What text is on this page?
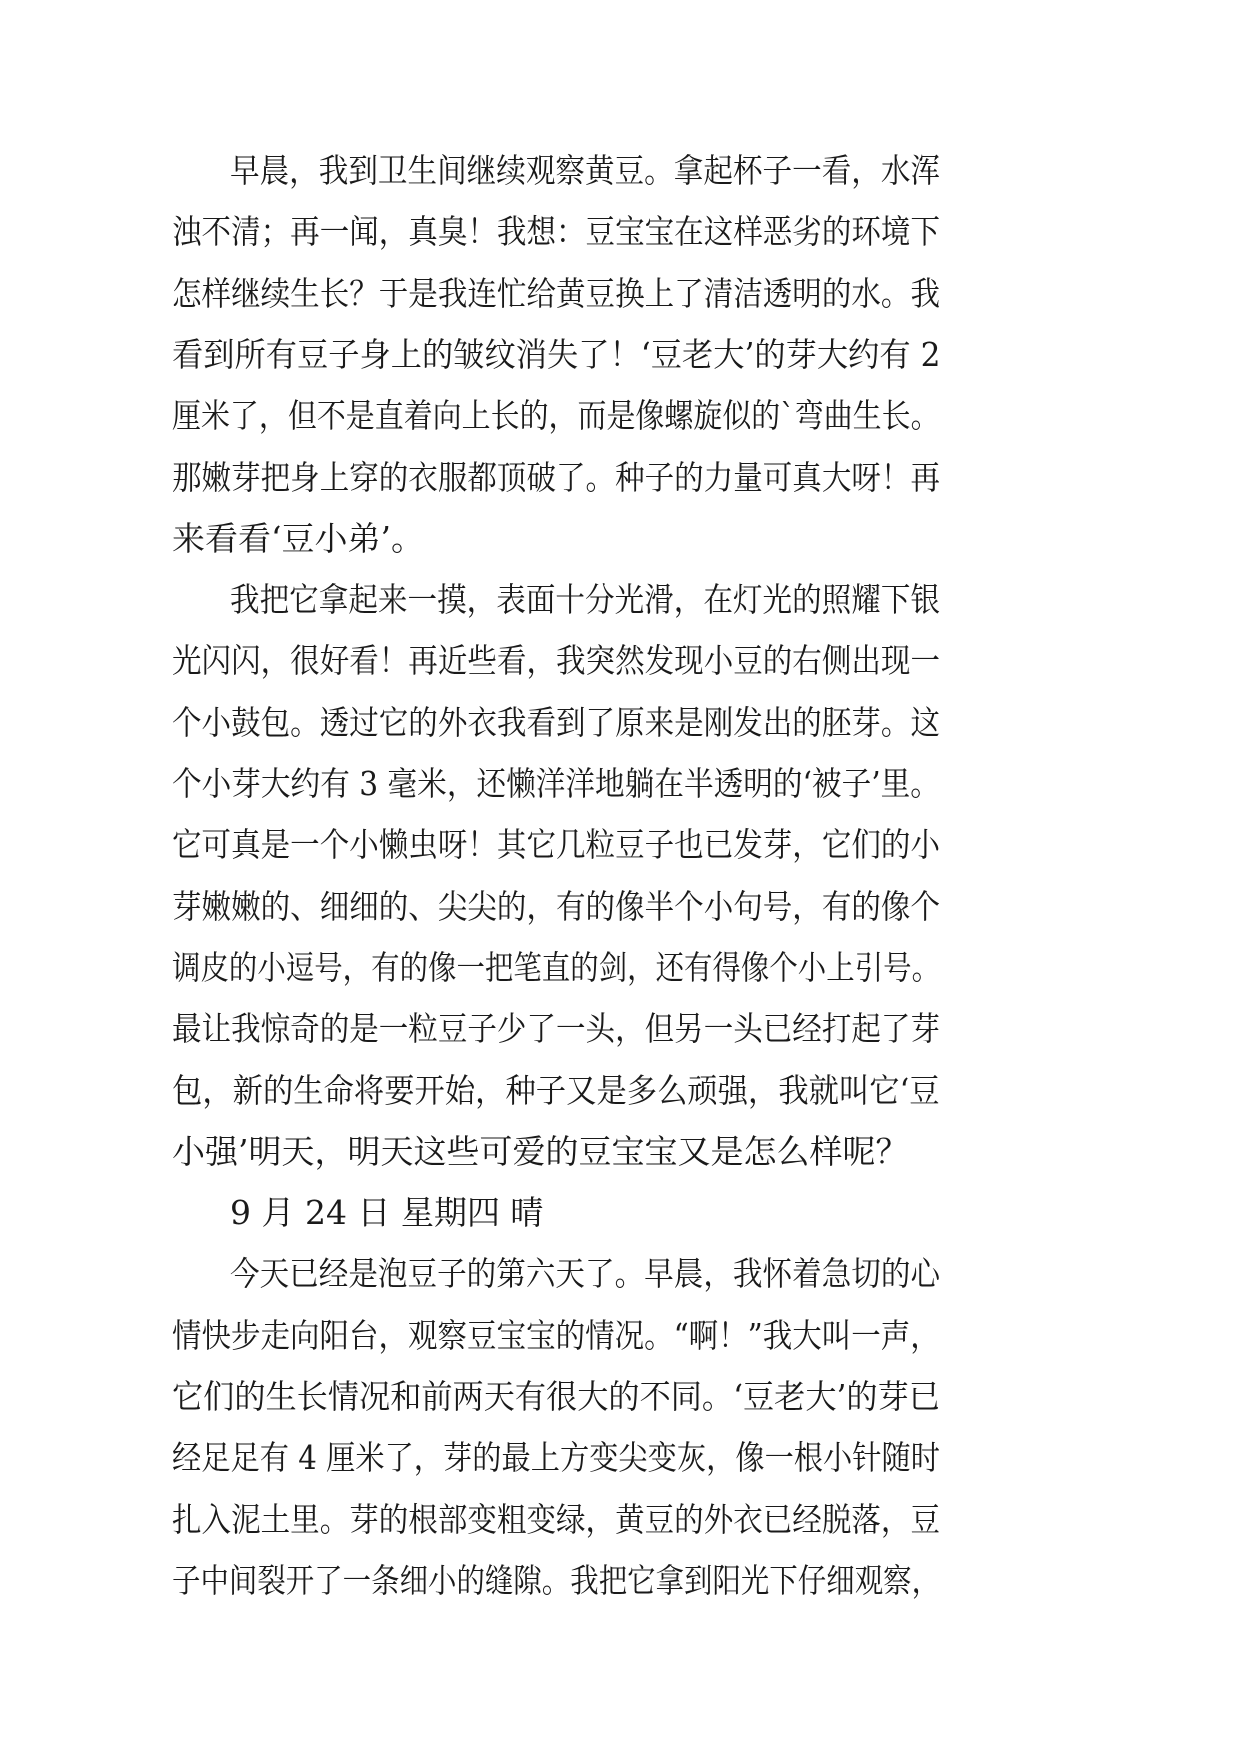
早晨，我到卫生间继续观察黄豆。拿起杯子一看，水浑
浊不清；再一闻，真臭！我想：豆宝宝在这样恶劣的环境下
怎样继续生长？于是我连忙给黄豆换上了清洁透明的水。我
看到所有豆子身上的皱纹消失了！‘豆老大’的芽大约有 2
厘米了，但不是直着向上长的，而是像螺旋似的`弯曲生长。
那嫩芽把身上穿的衣服都顶破了。种子的力量可真大呀！再
来看看‘豆小弟’。
我把它拿起来一摸，表面十分光滑，在灯光的照耀下银
光闪闪，很好看！再近些看，我突然发现小豆的右侧出现一
个小鼓包。透过它的外衣我看到了原来是刚发出的胚芽。这
个小芽大约有 3 毫米，还懒洋洋地躺在半透明的‘被子’里。
它可真是一个小懒虫呀！其它几粒豆子也已发芽，它们的小
芽嫩嫩的、细细的、尖尖的，有的像半个小句号，有的像个
调皮的小逗号，有的像一把笔直的剑，还有得像个小上引号。
最让我惊奇的是一粒豆子少了一头，但另一头已经打起了芽
包，新的生命将要开始，种子又是多么顽强，我就叫它‘豆
小强’明天，明天这些可爱的豆宝宝又是怎么样呢？
9 月 24 日 星期四 晴
今天已经是泡豆子的第六天了。早晨，我怀着急切的心
情快步走向阳台，观察豆宝宝的情况。“啊！”我大叫一声，
它们的生长情况和前两天有很大的不同。‘豆老大’的芽已
经足足有 4 厘米了，芽的最上方变尖变灰，像一根小针随时
扎入泥土里。芽的根部变粗变绿，黄豆的外衣已经脱落，豆
子中间裂开了一条细小的缝隙。我把它拿到阳光下仔细观察，
